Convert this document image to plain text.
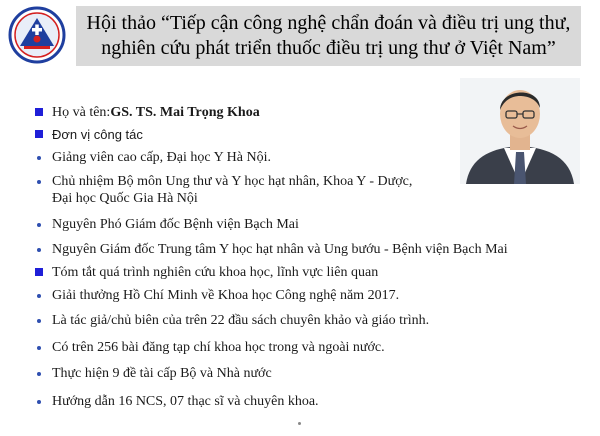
Hội thảo “Tiếp cận công nghệ chẩn đoán và điều trị ung thư,
nghiên cứu phát triển thuốc điều trị ung thư ở Việt Nam”
Họ và tên: GS. TS. Mai Trọng Khoa
Đơn vị công tác
Giảng viên cao cấp, Đại học Y Hà Nội.
Chủ nhiệm Bộ môn Ung thư và Y học hạt nhân, Khoa Y - Dược,
Đại học Quốc Gia Hà Nội
Nguyên Phó Giám đốc Bệnh viện Bạch Mai
Nguyên Giám đốc Trung tâm Y học hạt nhân và Ung bướu - Bệnh viện Bạch Mai
Tóm tắt quá trình nghiên cứu khoa học, lĩnh vực liên quan
Giải thưởng Hồ Chí Minh về Khoa học Công nghệ năm 2017.
Là tác giả/chủ biên của trên 22 đầu sách chuyên khảo và giáo trình.
Có trên 256 bài đăng tạp chí khoa học trong và ngoài nước.
Thực hiện 9 đề tài cấp Bộ và Nhà nước
Hướng dẫn 16 NCS, 07 thạc sĩ và chuyên khoa.
